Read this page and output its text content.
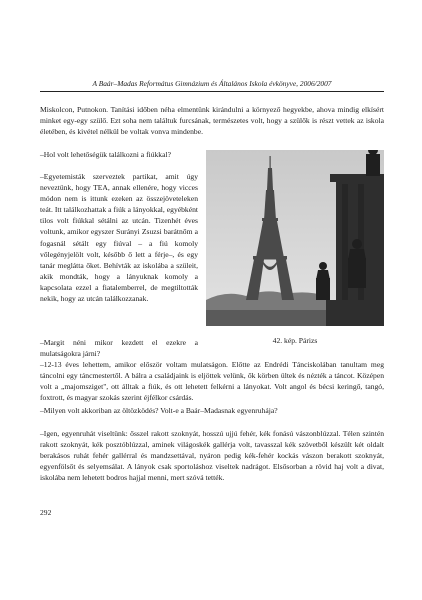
A Baár–Madas Református Gimnázium és Általános Iskola évkönyve, 2006/2007

Miskolcon, Putnokon. Tanítási időben néha elmentünk kirándulni a környező hegyekbe, ahova mindig elkísért minket egy-egy szülő. Ezt soha nem találtuk furcsának, természetes volt, hogy a szülők is részt vettek az iskola életében, és kivétel nélkül be voltak vonva mindenbe.

–Hol volt lehetőségük találkozni a fiúkkal?

–Egyetemisták szerveztek partikat, amit úgy neveztünk, hogy TEA, annak ellenére, hogy vicces módon nem is ittunk ezeken az összejöveteleken teát. Itt találkozhattak a fiúk a lányokkal, egyébként tilos volt fiúkkal sétálni az utcán. Tizenhét éves voltunk, amikor egyszer Surányi Zsuzsi barátnőm a fogasnál sétált egy fiúval – a fiú komoly vőlegényjelölt volt, később ő lett a férje–, és egy tanár meglátta őket. Behívták az iskolába a szüleit, akik mondták, hogy a lányuknak komoly a kapcsolata ezzel a fiatalemberrel, de megtiltották nekik, hogy az utcán találkozzanak.

–Margit néni mikor kezdett el ezekre a mulatságokra járni?

42. kép. Párizs

–12-13 éves lehettem, amikor először voltam mulatságon. Előtte az Endrédi Tánciskolában tanultam meg táncolni egy táncmestertől. A bálra a családjaink is eljöttek velünk, ők körben ültek és nézték a táncot. Középen volt a „majomsziget", ott álltak a fiúk, és ott lehetett felkérni a lányokat. Volt angol és bécsi keringő, tangó, foxtrott, és magyar szokás szerint éjfélkor csárdás.

–Milyen volt akkoriban az öltözködés? Volt-e a Baár–Madasnak egyenruhája?

–Igen, egyenruhát viseltünk: ősszel rakott szoknyát, hosszú ujjú fehér, kék fonású vászonblúzzal. Télen szintén rakott szoknyát, kék posztóblúzzal, aminek világoskék gallérja volt, tavasszal kék szövetből készült két oldalt berakásos ruhát fehér gallérral és mandzsettával, nyáron pedig kék-fehér kockás vászon berakott szoknyát, egyenfölsőt és selyemsálat. A lányok csak sportoláshoz viseltek nadrágot. Elsősorban a rövid haj volt a divat, iskolába nem lehetett bodros hajjal menni, mert szóvá tették.

292
